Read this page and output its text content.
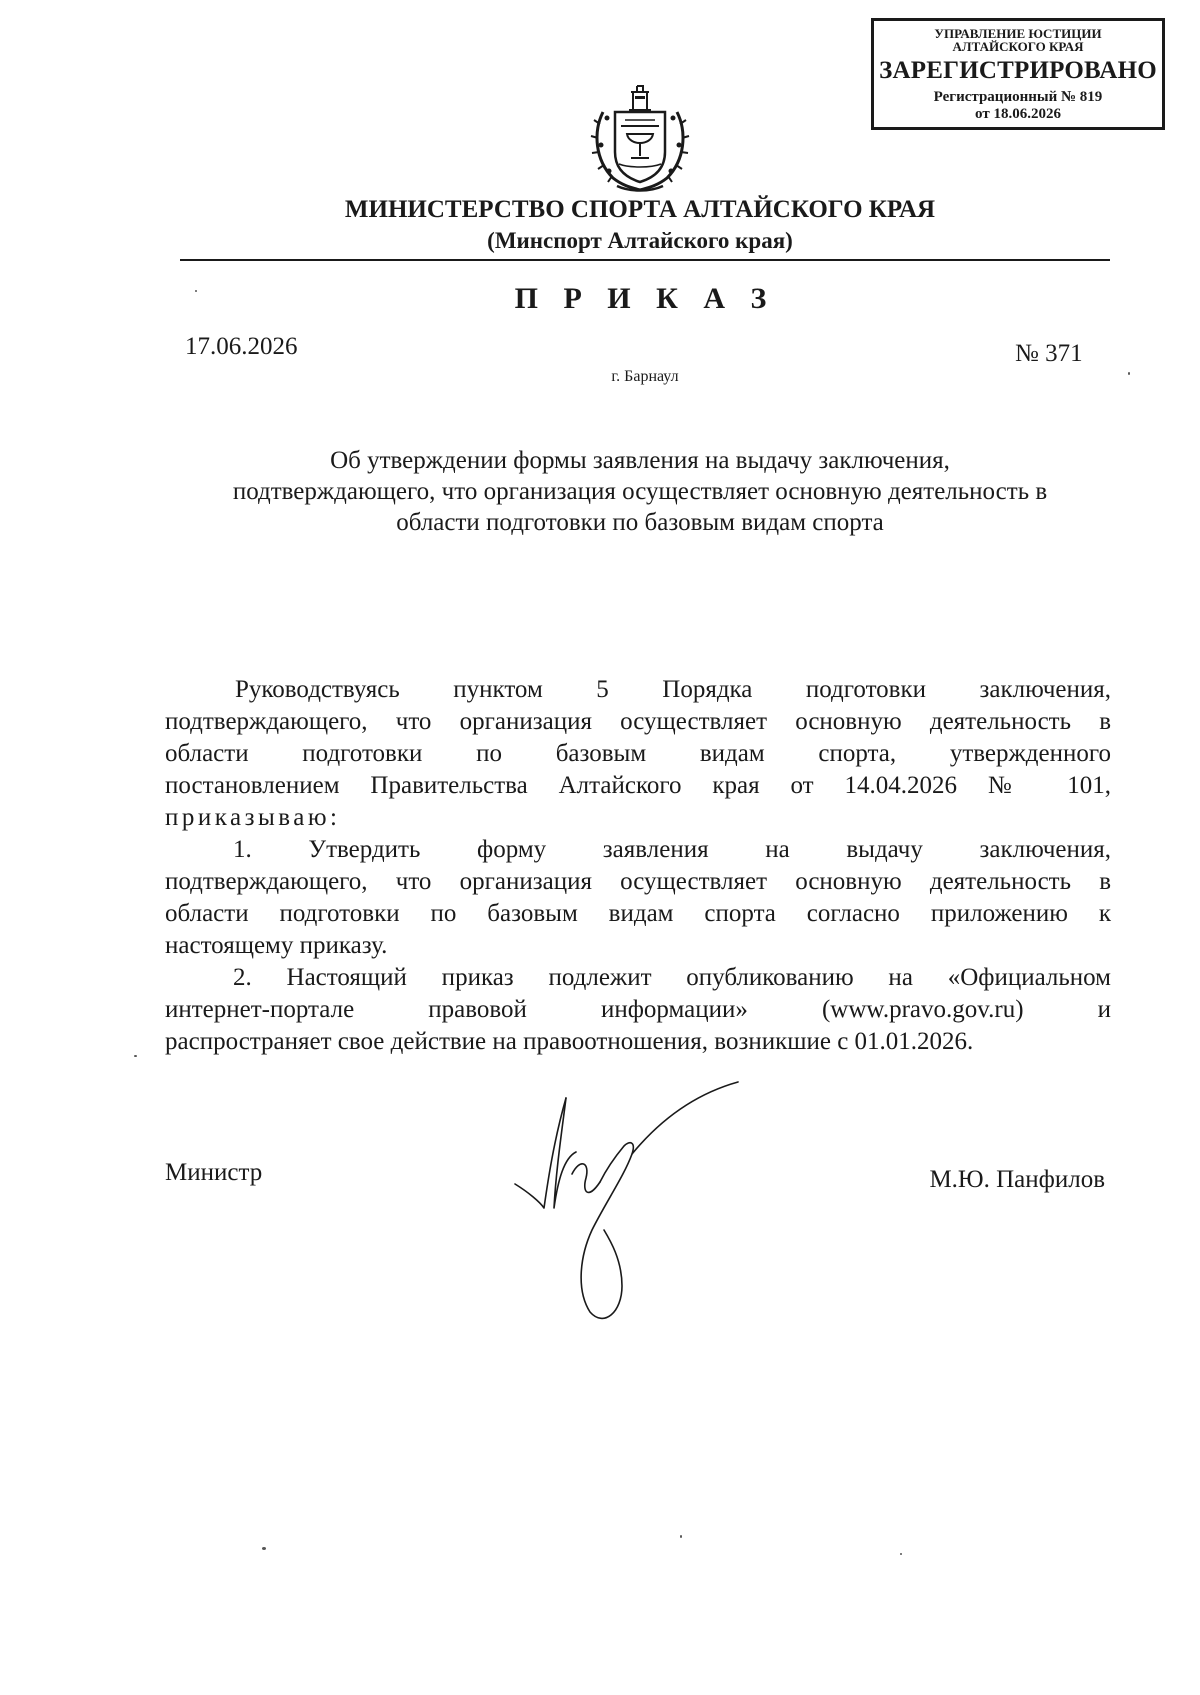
УПРАВЛЕНИЕ ЮСТИЦИИ
АЛТАЙСКОГО КРАЯ
ЗАРЕГИСТРИРОВАНО
Регистрационный № 819
от 18.06.2026
МИНИСТЕРСТВО СПОРТА АЛТАЙСКОГО КРАЯ
(Минспорт Алтайского края)
П Р И К А З
17.06.2026	№ 371
г. Барнаул
Об утверждении формы заявления на выдачу заключения,
подтверждающего, что организация осуществляет основную деятельность в
области подготовки по базовым видам спорта
Руководствуясь пунктом 5 Порядка подготовки заключения,
подтверждающего, что организация осуществляет основную деятельность в
области подготовки по базовым видам спорта, утвержденного
постановлением Правительства Алтайского края от 14.04.2026 № 101,
приказываю:
1. Утвердить форму заявления на выдачу заключения,
подтверждающего, что организация осуществляет основную деятельность в
области подготовки по базовым видам спорта согласно приложению к
настоящему приказу.
2. Настоящий приказ подлежит опубликованию на «Официальном
интернет-портале правовой информации» (www.pravo.gov.ru) и
распространяет свое действие на правоотношения, возникшие с 01.01.2026.
Министр	М.Ю. Панфилов
